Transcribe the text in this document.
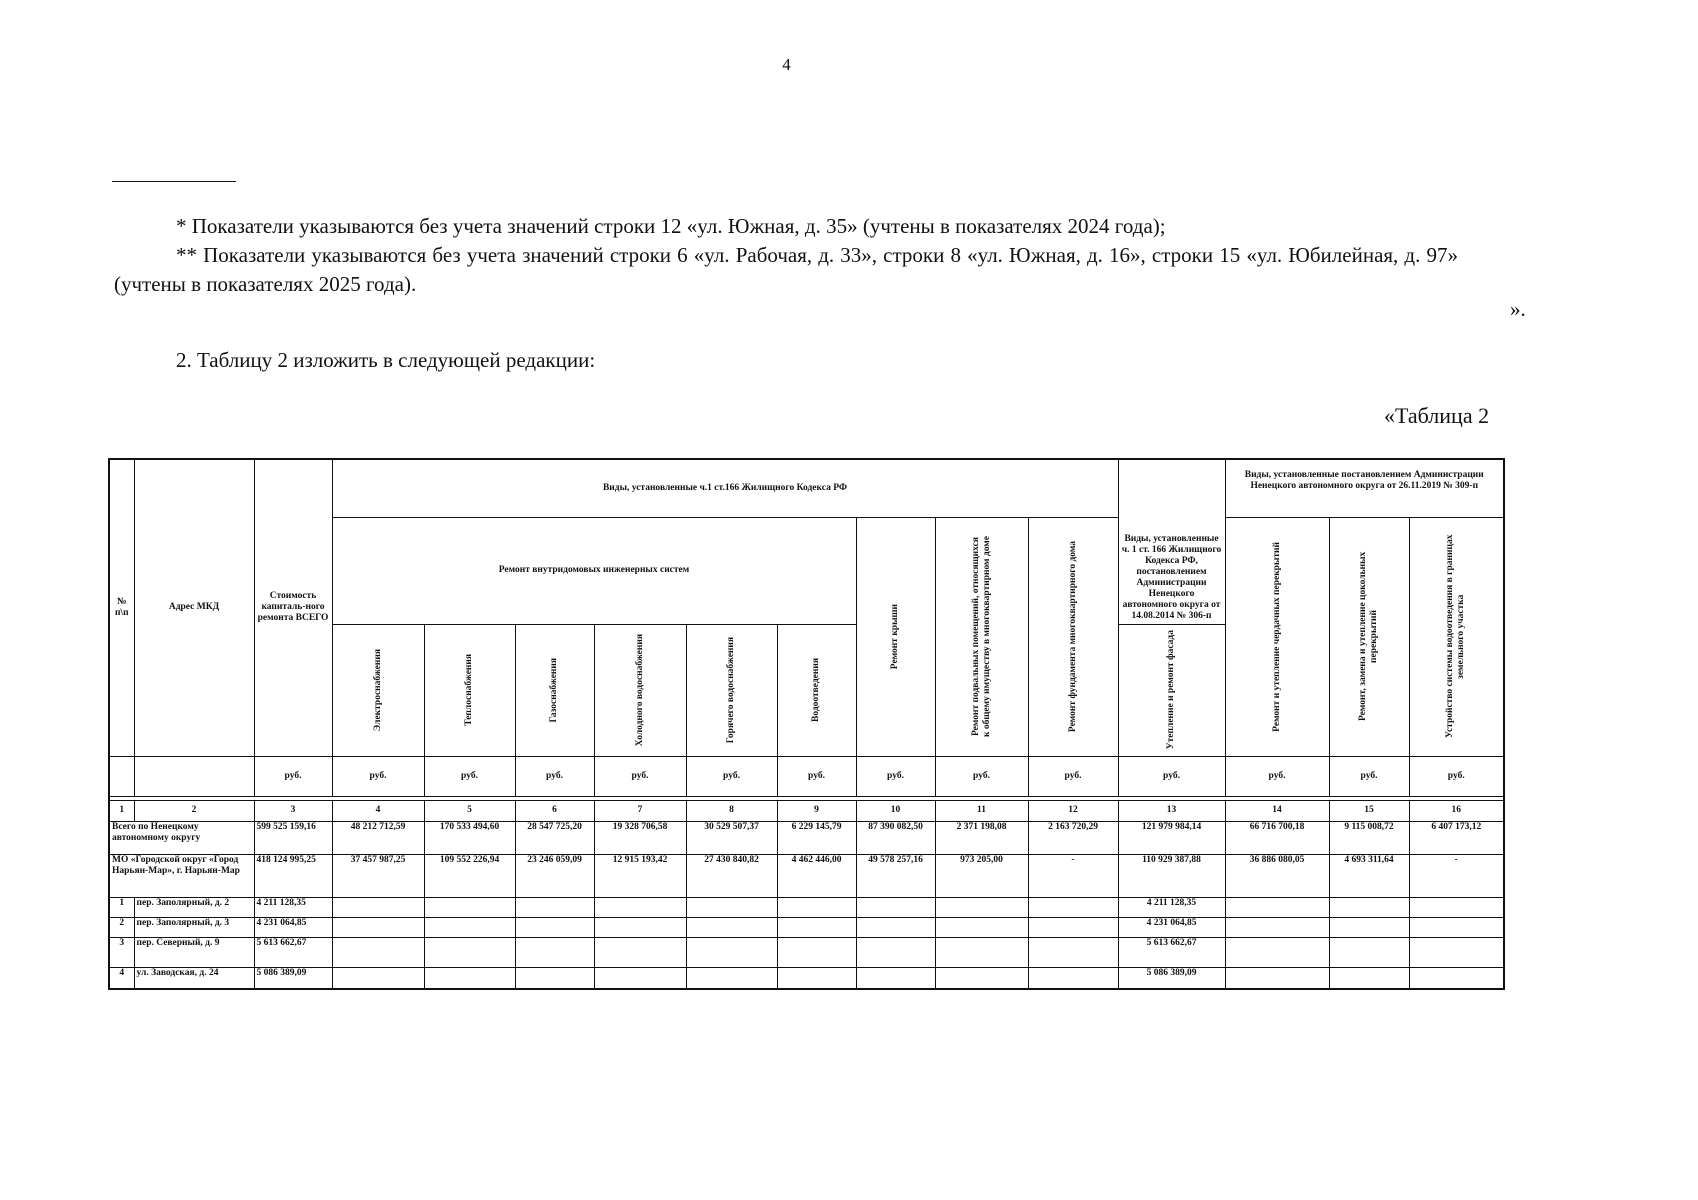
4
* Показатели указываются без учета значений строки 12 «ул. Южная, д. 35» (учтены в показателях 2024 года);
** Показатели указываются без учета значений строки 6 «ул. Рабочая, д. 33», строки 8 «ул. Южная, д. 16», строки 15 «ул. Юбилейная, д. 97» (учтены в показателях 2025 года).
».
2. Таблицу 2 изложить в следующей редакции:
«Таблица 2
№ п\п	Адрес МКД	Стоимость капиталь-ного ремонта ВСЕГО	Виды, установленные ч.1 ст.166 Жилищного Кодекса РФ									Виды, установленные ч. 1 ст. 166 Жилищного Кодекса РФ, постановлением Администрации Ненецкого автономного округа от 14.08.2014 № 306-п	Виды, установленные постановлением Администрации Ненецкого автономного округа от 26.11.2019 № 309-п		
			Ремонт внутридомовых инженерных систем						Ремонт крыши	Ремонт подвальных помещений, относящихся к общему имуществу в многоквартирном доме	Ремонт фундамента многоквартирного дома		Ремонт и утепление чердачных перекрытий	Ремонт, замена и утепление цокольных перекрытий	Устройство системы водоотведения в границах земельного участка

			Электроснабжения	Теплоснабжения	Газоснабжения	Холодного водоснабжения	Горячего водоснабжения	Водоотведения				Утепление и ремонт фасада			

		руб.	руб.	руб.	руб.	руб.	руб.	руб.	руб.	руб.	руб.	руб.	руб.	руб.	руб.

1	2	3	4	5	6	7	8	9	10	11	12	13	14	15	16
Всего по Ненецкому автономному округу		599 525 159,16	48 212 712,59	170 533 494,60	28 547 725,20	19 328 706,58	30 529 507,37	6 229 145,79	87 390 082,50	2 371 198,08	2 163 720,29	121 979 984,14	66 716 700,18	9 115 008,72	6 407 173,12
МО «Городской округ «Город Нарьян-Мар», г. Нарьян-Мар		418 124 995,25	37 457 987,25	109 552 226,94	23 246 059,09	12 915 193,42	27 430 840,82	4 462 446,00	49 578 257,16	973 205,00	-	110 929 387,88	36 886 080,05	4 693 311,64	-
1	пер. Заполярный, д. 2	4 211 128,35										4 211 128,35			
2	пер. Заполярный, д. 3	4 231 064,85										4 231 064,85			
3	пер. Северный, д. 9	5 613 662,67										5 613 662,67			
4	ул. Заводская, д. 24	5 086 389,09										5 086 389,09			
